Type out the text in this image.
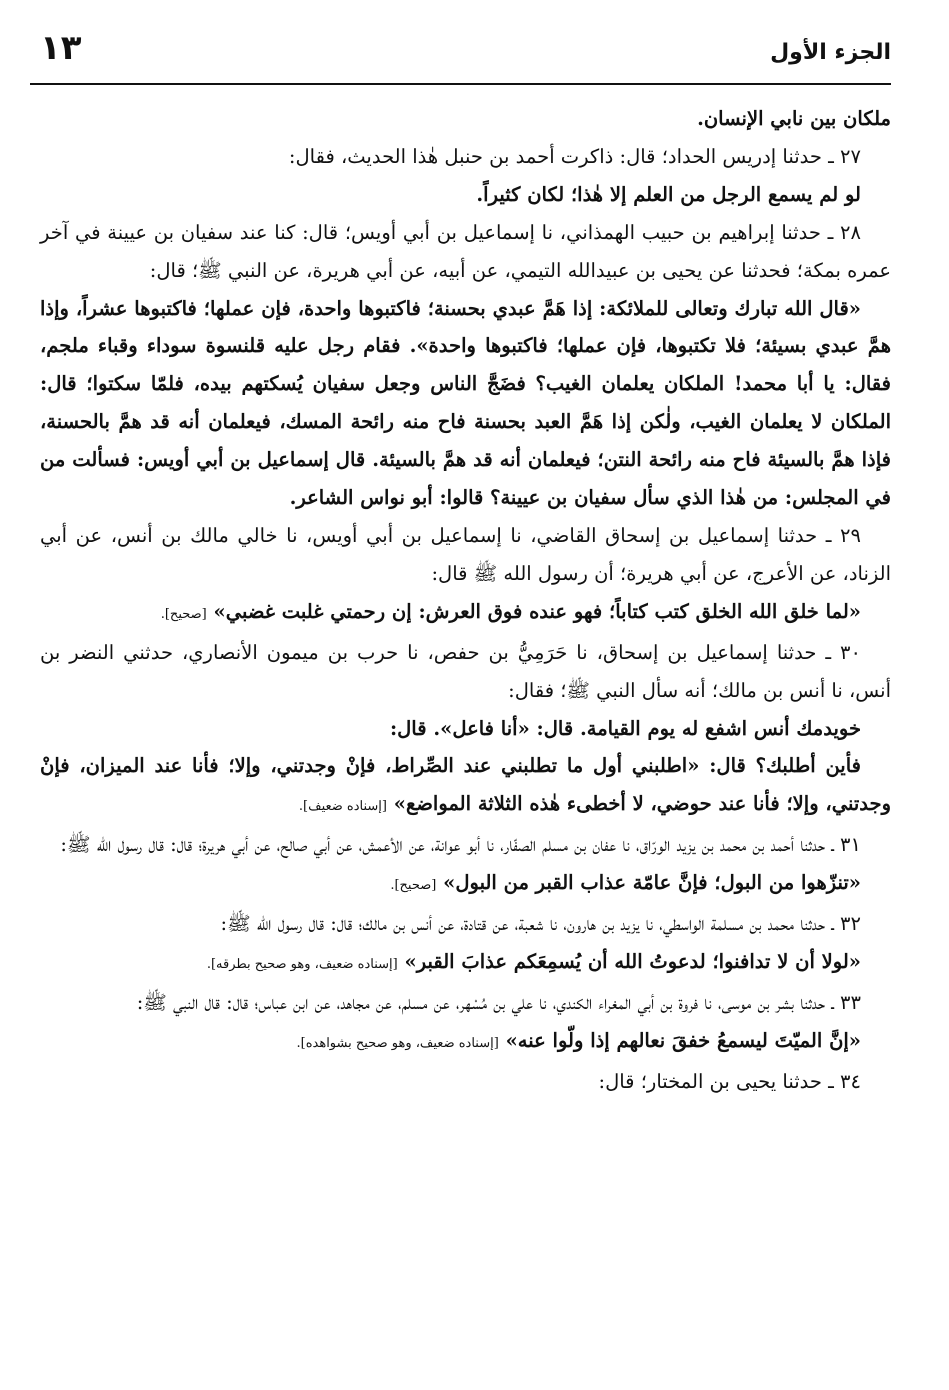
الجزء الأول
١٣

ملكان بين نابي الإنسان.

٢٧ ـ حدثنا إدريس الحداد؛ قال: ذاكرت أحمد بن حنبل هٰذا الحديث، فقال:

لو لم يسمع الرجل من العلم إلا هٰذا؛ لكان كثيراً.

٢٨ ـ حدثنا إبراهيم بن حبيب الهمذاني، نا إسماعيل بن أبي أويس؛ قال: كنا عند سفيان بن عيينة في آخر عمره بمكة؛ فحدثنا عن يحيى بن عبيدالله التيمي، عن أبيه، عن أبي هريرة، عن النبي ﷺ؛ قال:

«قال الله تبارك وتعالى للملائكة: إذا هَمَّ عبدي بحسنة؛ فاكتبوها واحدة، فإن عملها؛ فاكتبوها عشراً، وإذا همَّ عبدي بسيئة؛ فلا تكتبوها، فإن عملها؛ فاكتبوها واحدة». فقام رجل عليه قلنسوة سوداء وقباء ملجم، فقال: يا أبا محمد! الملكان يعلمان الغيب؟ فضَجَّ الناس وجعل سفيان يُسكتهم بيده، فلمّا سكتوا؛ قال: الملكان لا يعلمان الغيب، ولٰكن إذا هَمَّ العبد بحسنة فاح منه رائحة المسك، فيعلمان أنه قد همَّ بالحسنة، فإذا همَّ بالسيئة فاح منه رائحة النتن؛ فيعلمان أنه قد همَّ بالسيئة. قال إسماعيل بن أبي أويس: فسألت من في المجلس: من هٰذا الذي سأل سفيان بن عيينة؟ قالوا: أبو نواس الشاعر.

٢٩ ـ حدثنا إسماعيل بن إسحاق القاضي، نا إسماعيل بن أبي أويس، نا خالي مالك بن أنس، عن أبي الزناد، عن الأعرج، عن أبي هريرة؛ أن رسول الله ﷺ قال:

«لما خلق الله الخلق كتب كتاباً؛ فهو عنده فوق العرش: إن رحمتي غلبت غضبي» [صحيح].

٣٠ ـ حدثنا إسماعيل بن إسحاق، نا حَرَمِيُّ بن حفص، نا حرب بن ميمون الأنصاري، حدثني النضر بن أنس، نا أنس بن مالك؛ أنه سأل النبي ﷺ؛ فقال:

خويدمك أنس اشفع له يوم القيامة. قال: «أنا فاعل». قال:

فأين أطلبك؟ قال: «اطلبني أول ما تطلبني عند الصِّراط، فإنْ وجدتني، وإلا؛ فأنا عند الميزان، فإنْ وجدتني، وإلا؛ فأنا عند حوضي، لا أخطىء هٰذه الثلاثة المواضع» [إسناده ضعيف].

٣١ ـ حدثنا أحمد بن محمد بن يزيد الورّاق، نا عفان بن مسلم الصفّار، نا أبو عوانة، عن الأعمش، عن أبي صالح، عن أبي هريرة؛ قال: قال رسول الله ﷺ:

«تنزّهوا من البول؛ فإنَّ عامّة عذاب القبر من البول» [صحيح].

٣٢ ـ حدثنا محمد بن مسلمة الواسطي، نا يزيد بن هارون، نا شعبة، عن قتادة، عن أنس بن مالك؛ قال: قال رسول الله ﷺ:

«لولا أن لا تدافنوا؛ لدعوتُ الله أن يُسمِعَكم عذابَ القبر» [إسناده ضعيف، وهو صحيح بطرقه].

٣٣ ـ حدثنا بشر بن موسى، نا فروة بن أبي المغراء الكندي، نا علي بن مُسْهر، عن مسلم، عن مجاهد، عن ابن عباس؛ قال: قال النبي ﷺ:

«إنَّ الميّتَ ليسمعُ خفقَ نعالهم إذا ولّوا عنه» [إسناده ضعيف، وهو صحيح بشواهده].

٣٤ ـ حدثنا يحيى بن المختار؛ قال:
